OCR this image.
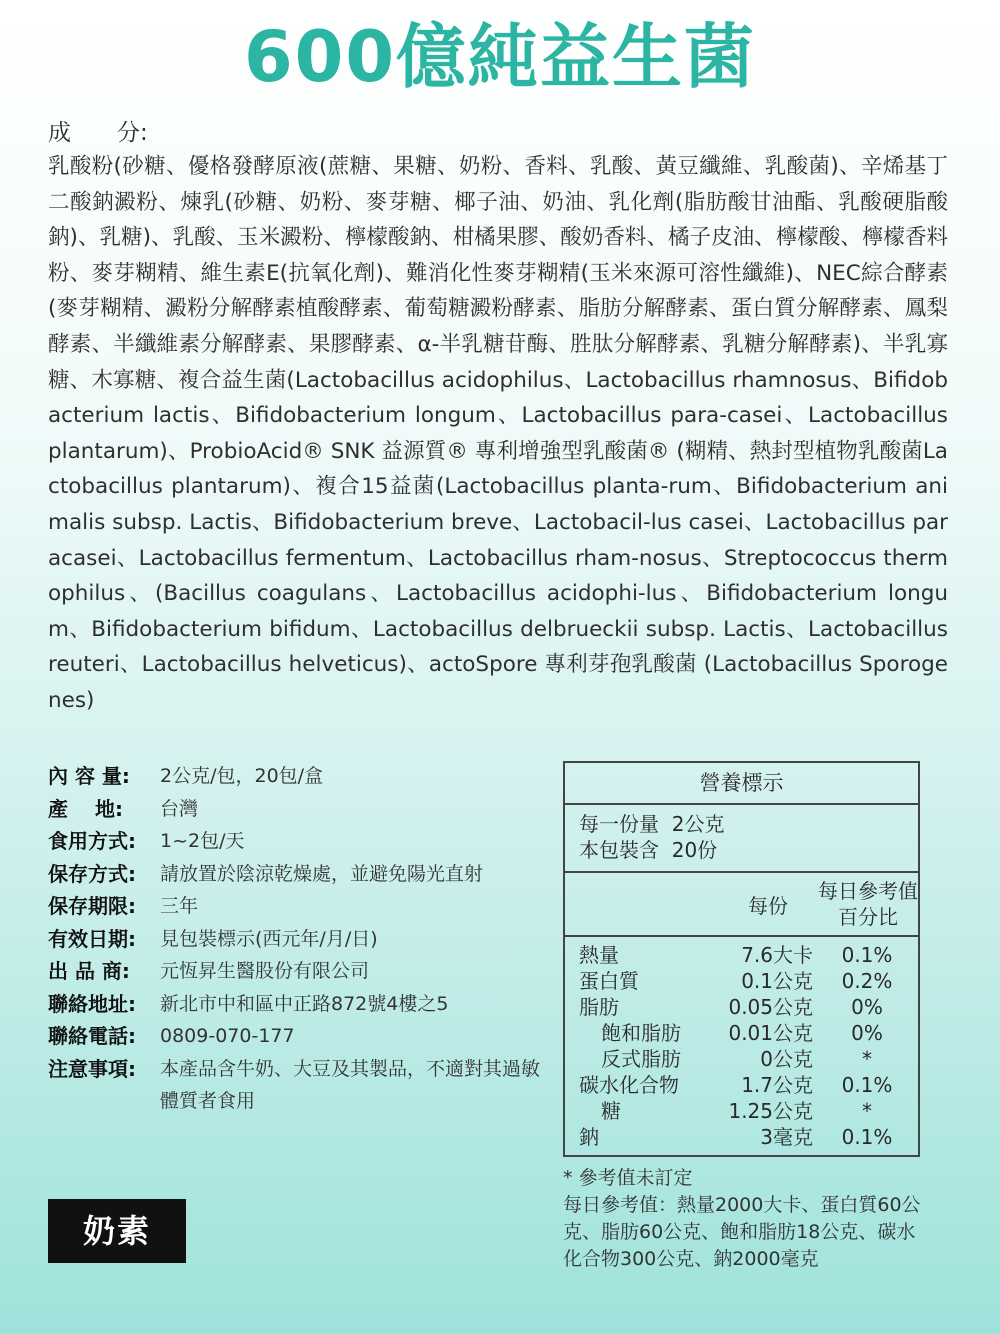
600億純益生菌
成　　分:
乳酸粉(砂糖、優格發酵原液(蔗糖、果糖、奶粉、香料、乳酸、黃豆纖維、乳酸菌)、辛烯基丁二酸鈉澱粉、煉乳(砂糖、奶粉、麥芽糖、椰子油、奶油、乳化劑(脂肪酸甘油酯、乳酸硬脂酸鈉)、乳糖)、乳酸、玉米澱粉、檸檬酸鈉、柑橘果膠、酸奶香料、橘子皮油、檸檬酸、檸檬香料粉、麥芽糊精、維生素E(抗氧化劑)、難消化性麥芽糊精(玉米來源可溶性纖維)、NEC綜合酵素(麥芽糊精、澱粉分解酵素植酸酵素、葡萄糖澱粉酵素、脂肪分解酵素、蛋白質分解酵素、鳳梨酵素、半纖維素分解酵素、果膠酵素、α-半乳糖苷酶、胜肽分解酵素、乳糖分解酵素)、半乳寡糖、木寡糖、複合益生菌(Lactobacillus acidophilus、Lactobacillus rhamnosus、Bifidobacterium lactis、Bifidobacterium longum、Lactobacillus para-casei、Lactobacillus plantarum)、ProbioAcid® SNK 益源質® 專利增強型乳酸菌® (糊精、熱封型植物乳酸菌Lactobacillus plantarum)、複合15益菌(Lactobacillus planta-rum、Bifidobacterium animalis subsp. Lactis、Bifidobacterium breve、Lactobacil-lus casei、Lactobacillus paracasei、Lactobacillus fermentum、Lactobacillus rham-nosus、Streptococcus thermophilus、(Bacillus coagulans、Lactobacillus acidophi-lus、Bifidobacterium longum、Bifidobacterium bifidum、Lactobacillus delbrueckii subsp. Lactis、Lactobacillus reuteri、Lactobacillus helveticus)、actoSpore 專利芽孢乳酸菌 (Lactobacillus Sporogenes)
內 容 量:	2公克/包，20包/盒
產　 地:	台灣
食用方式:	1~2包/天
保存方式:	請放置於陰涼乾燥處，並避免陽光直射
保存期限:	三年
有效日期:	見包裝標示(西元年/月/日)
出 品 商:	元恆昇生醫股份有限公司
聯絡地址:	新北市中和區中正路872號4樓之5
聯絡電話:	0809-070-177
注意事項:	本產品含牛奶、大豆及其製品，不適對其過敏體質者食用
營養標示
每一份量  2公克
本包裝含  20份
每份
每日參考值百分比
熱量	7.6大卡	0.1%
蛋白質	0.1公克	0.2%
脂肪	0.05公克	0%
飽和脂肪	0.01公克	0%
反式脂肪	0公克	*
碳水化合物	1.7公克	0.1%
糖	1.25公克	*
鈉	3毫克	0.1%
* 參考值未訂定
每日參考值：熱量2000大卡、蛋白質60公克、脂肪60公克、飽和脂肪18公克、碳水化合物300公克、鈉2000毫克
奶素
